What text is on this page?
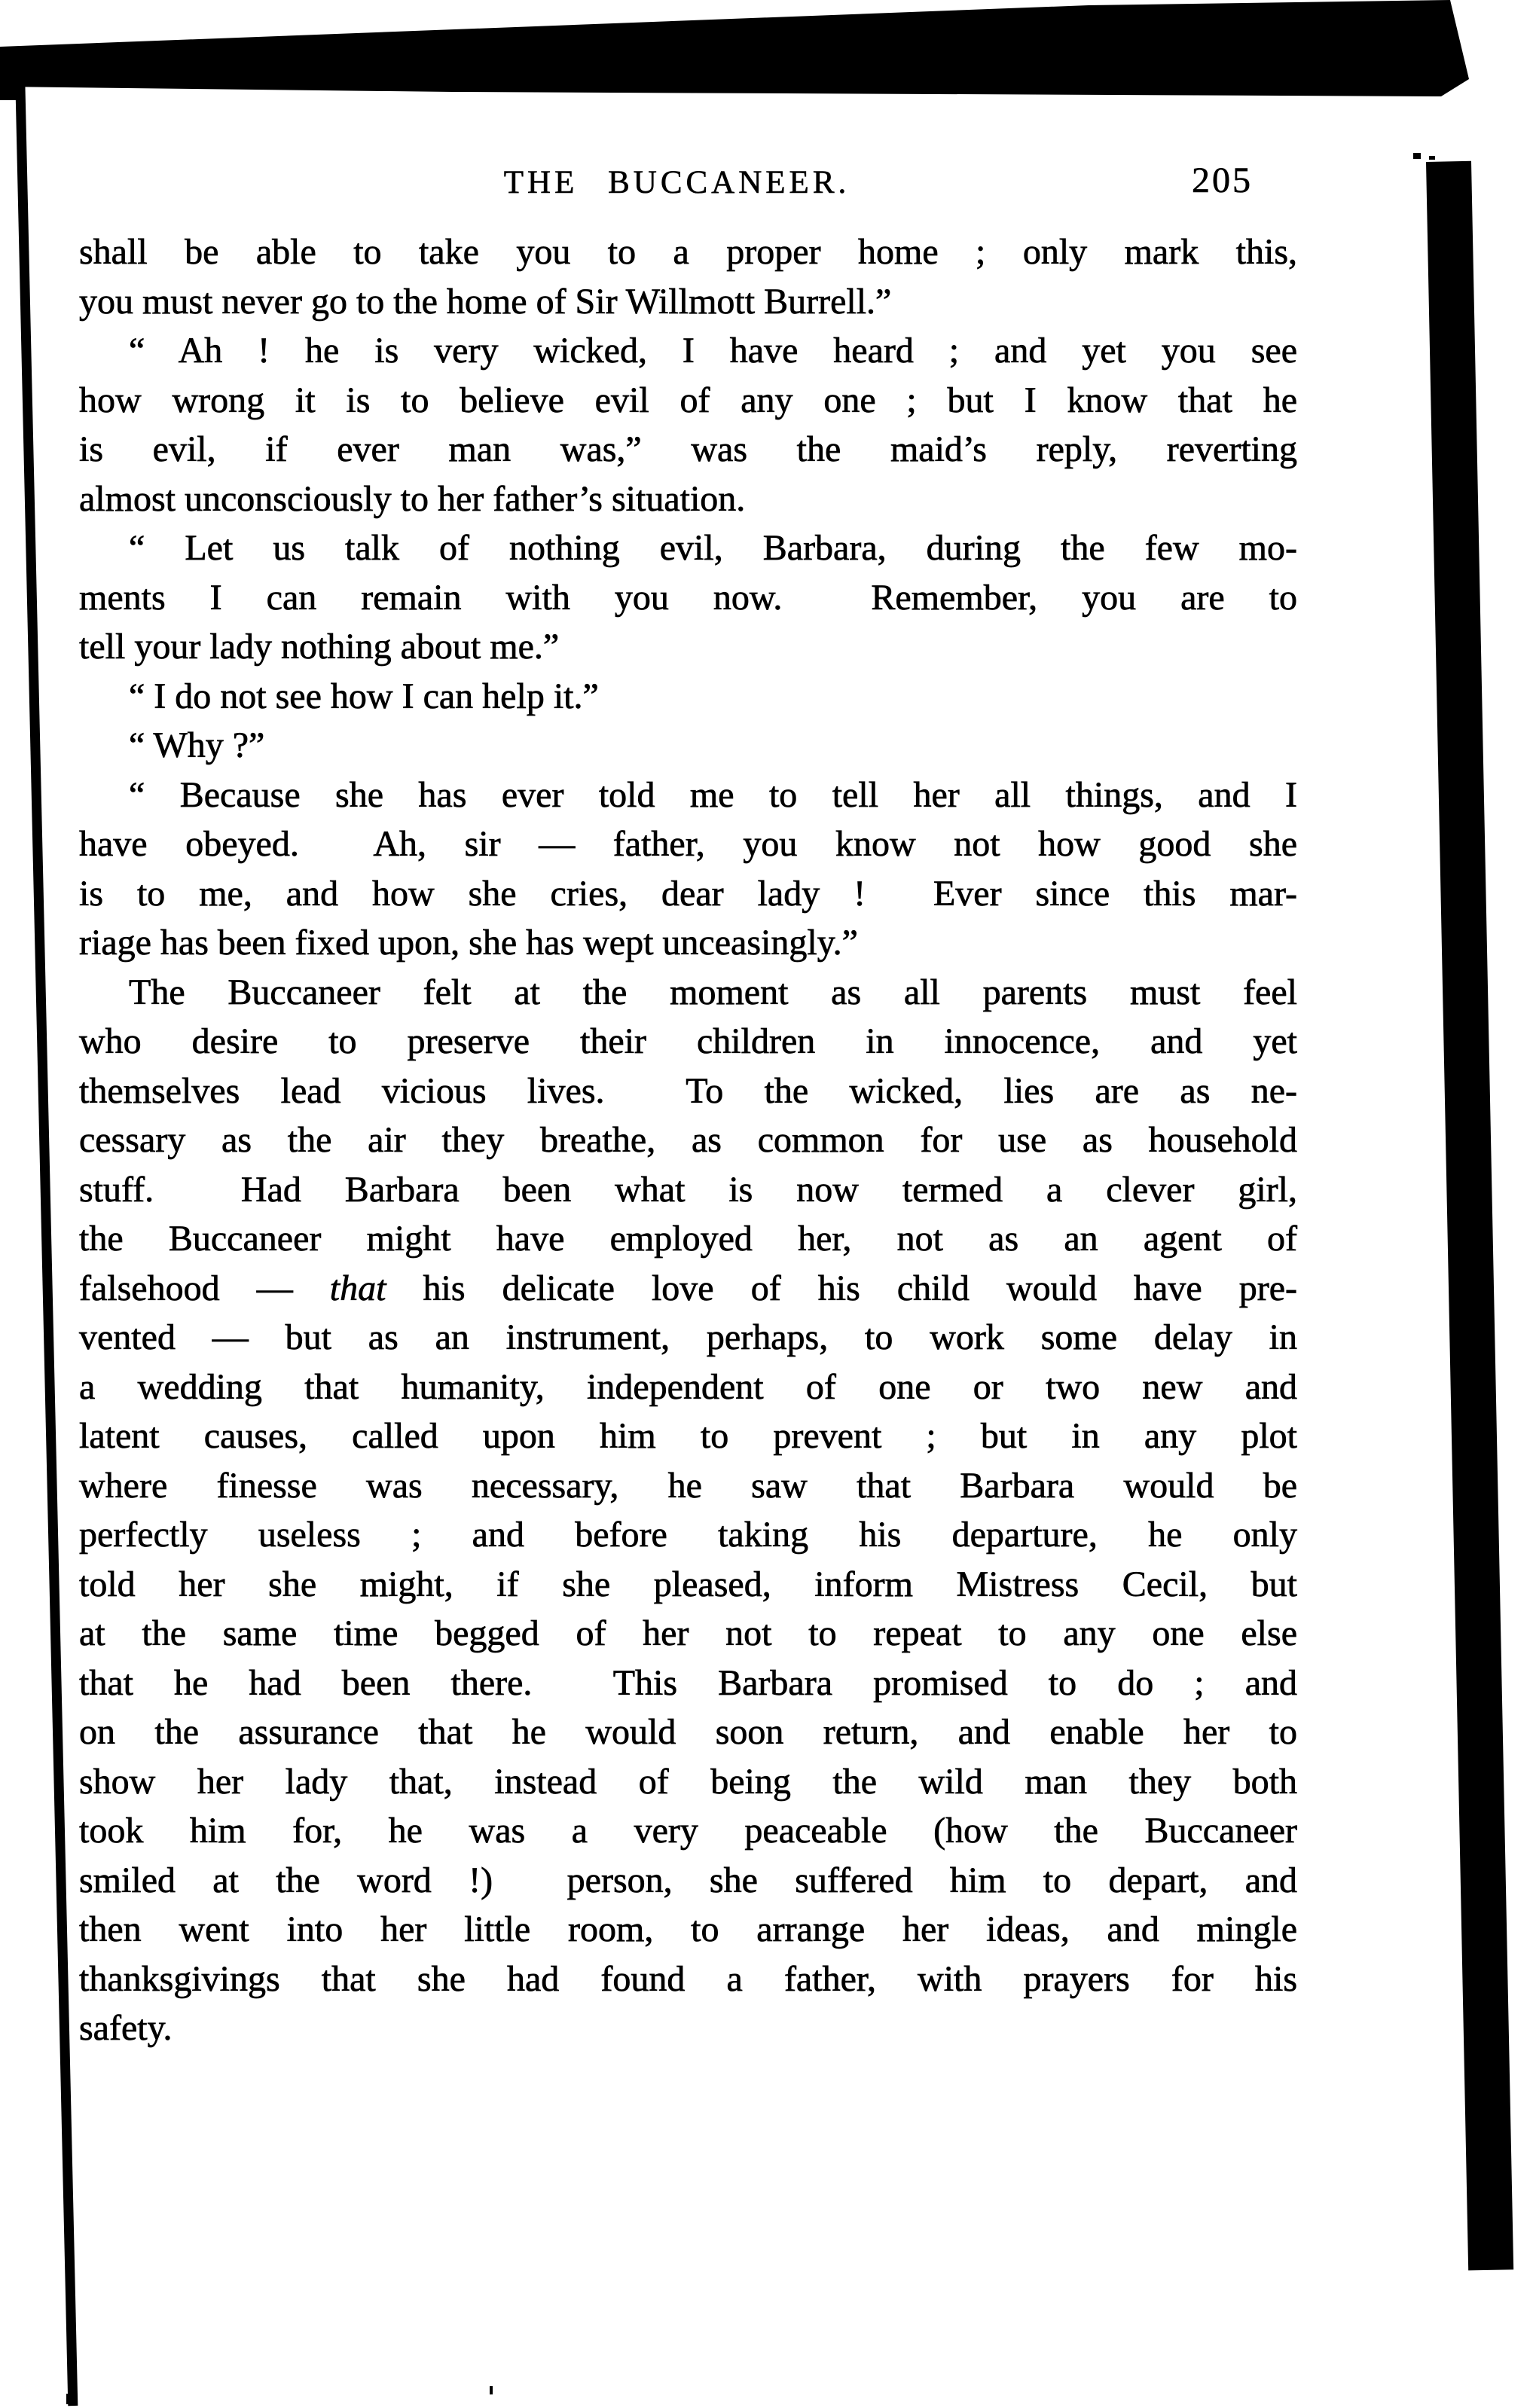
THE BUCCANEER.	205
shall be able to take you to a proper home ; only mark this,
you must never go to the home of Sir Willmott Burrell.”
“ Ah ! he is very wicked, I have heard ; and yet you see
how wrong it is to believe evil of any one ; but I know that he
is evil, if ever man was,” was the maid’s reply, reverting
almost unconsciously to her father’s situation.
“ Let us talk of nothing evil, Barbara, during the few mo-
ments I can remain with you now.  Remember, you are to
tell your lady nothing about me.”
“ I do not see how I can help it.”
“ Why ?”
“ Because she has ever told me to tell her all things, and I
have obeyed.  Ah, sir — father, you know not how good she
is to me, and how she cries, dear lady !  Ever since this mar-
riage has been fixed upon, she has wept unceasingly.”
The Buccaneer felt at the moment as all parents must feel
who desire to preserve their children in innocence, and yet
themselves lead vicious lives.  To the wicked, lies are as ne-
cessary as the air they breathe, as common for use as household
stuff.  Had Barbara been what is now termed a clever girl,
the Buccaneer might have employed her, not as an agent of
falsehood — that his delicate love of his child would have pre-
vented — but as an instrument, perhaps, to work some delay in
a wedding that humanity, independent of one or two new and
latent causes, called upon him to prevent ; but in any plot
where finesse was necessary, he saw that Barbara would be
perfectly useless ; and before taking his departure, he only
told her she might, if she pleased, inform Mistress Cecil, but
at the same time begged of her not to repeat to any one else
that he had been there.  This Barbara promised to do ; and
on the assurance that he would soon return, and enable her to
show her lady that, instead of being the wild man they both
took him for, he was a very peaceable (how the Buccaneer
smiled at the word !)  person, she suffered him to depart, and
then went into her little room, to arrange her ideas, and mingle
thanksgivings that she had found a father, with prayers for his
safety.
